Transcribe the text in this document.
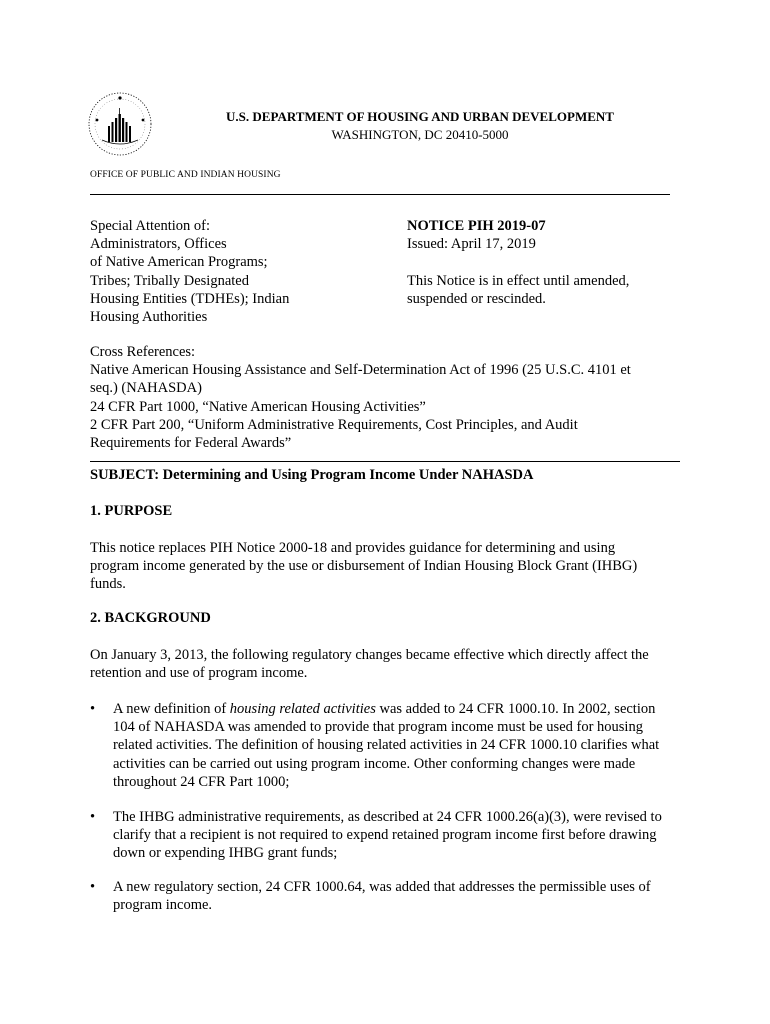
U.S. DEPARTMENT OF HOUSING AND URBAN DEVELOPMENT
WASHINGTON, DC 20410-5000
OFFICE OF PUBLIC AND INDIAN HOUSING
Special Attention of:
Administrators, Offices
of Native American Programs;
Tribes; Tribally Designated
Housing Entities (TDHEs); Indian
Housing Authorities
NOTICE PIH 2019-07
Issued: April 17, 2019

This Notice is in effect until amended,
suspended or rescinded.
Cross References:
Native American Housing Assistance and Self-Determination Act of 1996 (25 U.S.C. 4101 et
seq.) (NAHASDA)
24 CFR Part 1000, “Native American Housing Activities”
2 CFR Part 200, “Uniform Administrative Requirements, Cost Principles, and Audit
Requirements for Federal Awards”
SUBJECT: Determining and Using Program Income Under NAHASDA
1. PURPOSE
This notice replaces PIH Notice 2000-18 and provides guidance for determining and using
program income generated by the use or disbursement of Indian Housing Block Grant (IHBG)
funds.
2. BACKGROUND
On January 3, 2013, the following regulatory changes became effective which directly affect the
retention and use of program income.
•	A new definition of housing related activities was added to 24 CFR 1000.10. In 2002, section
104 of NAHASDA was amended to provide that program income must be used for housing
related activities. The definition of housing related activities in 24 CFR 1000.10 clarifies what
activities can be carried out using program income. Other conforming changes were made
throughout 24 CFR Part 1000;
•	The IHBG administrative requirements, as described at 24 CFR 1000.26(a)(3), were revised to
clarify that a recipient is not required to expend retained program income first before drawing
down or expending IHBG grant funds;
•	A new regulatory section, 24 CFR 1000.64, was added that addresses the permissible uses of
program income.
